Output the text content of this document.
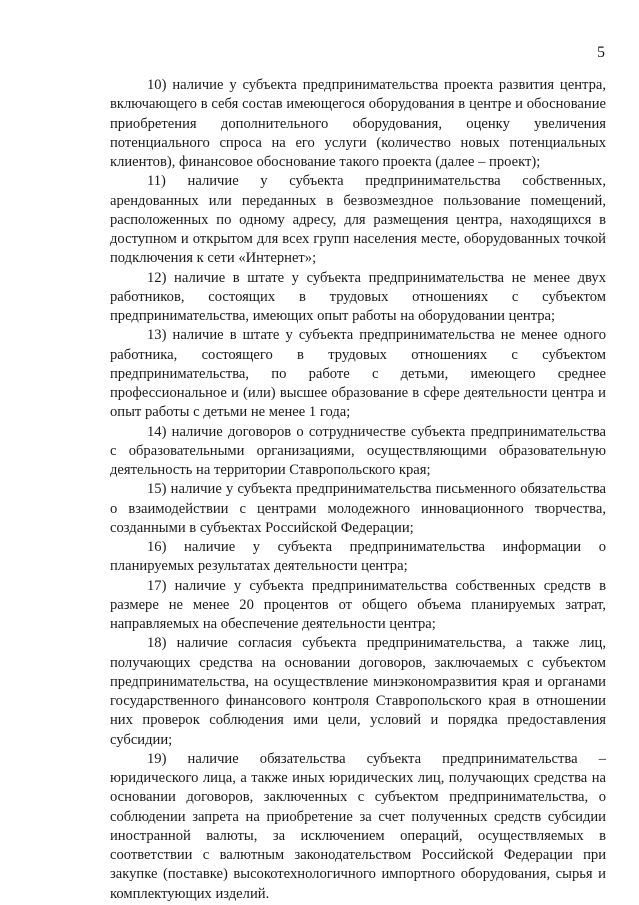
5

10) наличие у субъекта предпринимательства проекта развития центра, включающего в себя состав имеющегося оборудования в центре и обоснование приобретения дополнительного оборудования, оценку увеличения потенциального спроса на его услуги (количество новых потенциальных клиентов), финансовое обоснование такого проекта (далее – проект);

11) наличие у субъекта предпринимательства собственных, арендованных или переданных в безвозмездное пользование помещений, расположенных по одному адресу, для размещения центра, находящихся в доступном и открытом для всех групп населения месте, оборудованных точкой подключения к сети «Интернет»;

12) наличие в штате у субъекта предпринимательства не менее двух работников, состоящих в трудовых отношениях с субъектом предпринимательства, имеющих опыт работы на оборудовании центра;

13) наличие в штате у субъекта предпринимательства не менее одного работника, состоящего в трудовых отношениях с субъектом предпринимательства, по работе с детьми, имеющего среднее профессиональное и (или) высшее образование в сфере деятельности центра и опыт работы с детьми не менее 1 года;

14) наличие договоров о сотрудничестве субъекта предпринимательства с образовательными организациями, осуществляющими образовательную деятельность на территории Ставропольского края;

15) наличие у субъекта предпринимательства письменного обязательства о взаимодействии с центрами молодежного инновационного творчества, созданными в субъектах Российской Федерации;

16) наличие у субъекта предпринимательства информации о планируемых результатах деятельности центра;

17) наличие у субъекта предпринимательства собственных средств в размере не менее 20 процентов от общего объема планируемых затрат, направляемых на обеспечение деятельности центра;

18) наличие согласия субъекта предпринимательства, а также лиц, получающих средства на основании договоров, заключаемых с субъектом предпринимательства, на осуществление минэкономразвития края и органами государственного финансового контроля Ставропольского края в отношении них проверок соблюдения ими цели, условий и порядка предоставления субсидии;

19) наличие обязательства субъекта предпринимательства – юридического лица, а также иных юридических лиц, получающих средства на основании договоров, заключенных с субъектом предпринимательства, о соблюдении запрета на приобретение за счет полученных средств субсидии иностранной валюты, за исключением операций, осуществляемых в соответствии с валютным законодательством Российской Федерации при закупке (поставке) высокотехнологичного импортного оборудования, сырья и комплектующих изделий.
